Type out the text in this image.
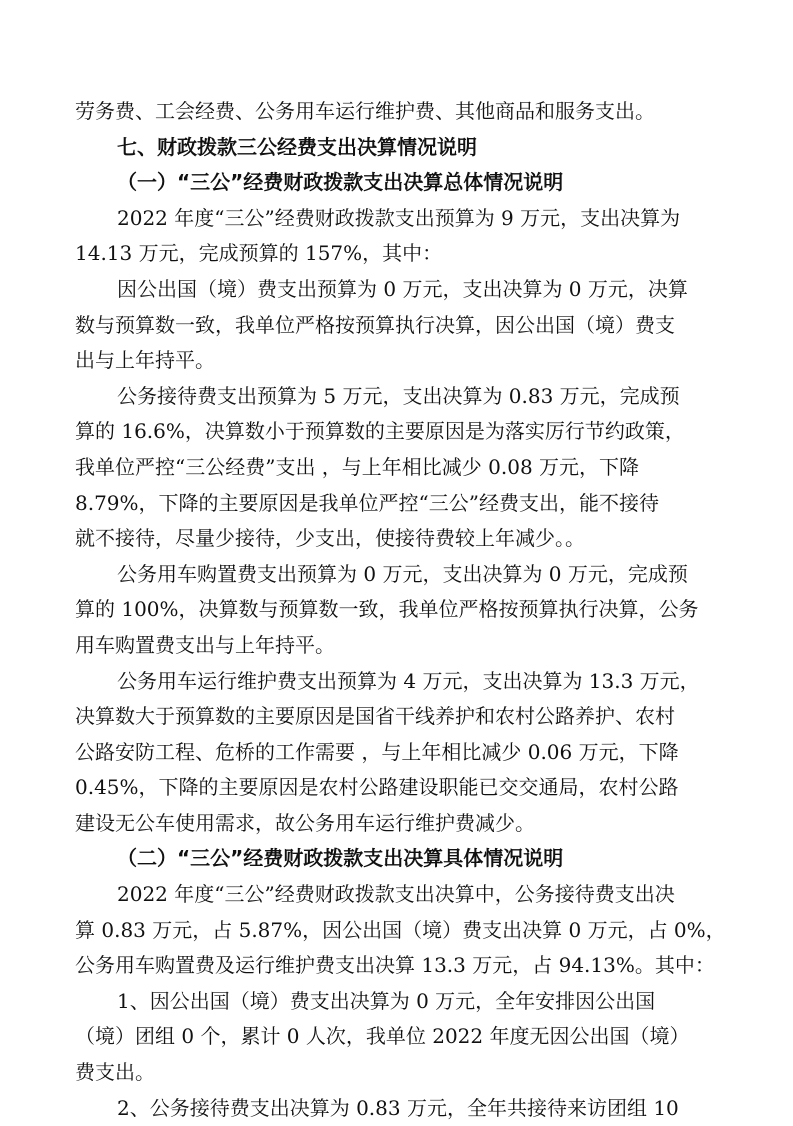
劳务费、工会经费、公务用车运行维护费、其他商品和服务支出。
七、财政拨款三公经费支出决算情况说明
（一）“三公”经费财政拨款支出决算总体情况说明
2022 年度“三公”经费财政拨款支出预算为 9 万元，支出决算为
14.13 万元，完成预算的 157%，其中：
因公出国（境）费支出预算为 0 万元，支出决算为 0 万元，决算
数与预算数一致，我单位严格按预算执行决算，因公出国（境）费支
出与上年持平。
公务接待费支出预算为 5 万元，支出决算为 0.83 万元，完成预
算的 16.6%，决算数小于预算数的主要原因是为落实厉行节约政策，
我单位严控“三公经费”支出 ，与上年相比减少 0.08 万元，下降
8.79%，下降的主要原因是我单位严控“三公”经费支出，能不接待
就不接待，尽量少接待，少支出，使接待费较上年减少。。
公务用车购置费支出预算为 0 万元，支出决算为 0 万元，完成预
算的 100%，决算数与预算数一致，我单位严格按预算执行决算，公务
用车购置费支出与上年持平。
公务用车运行维护费支出预算为 4 万元，支出决算为 13.3 万元，
决算数大于预算数的主要原因是国省干线养护和农村公路养护、农村
公路安防工程、危桥的工作需要 ，与上年相比减少 0.06 万元，下降
0.45%，下降的主要原因是农村公路建设职能已交交通局，农村公路
建设无公车使用需求，故公务用车运行维护费减少。
（二）“三公”经费财政拨款支出决算具体情况说明
2022 年度“三公”经费财政拨款支出决算中，公务接待费支出决
算 0.83 万元，占 5.87%，因公出国（境）费支出决算 0 万元，占 0%，
公务用车购置费及运行维护费支出决算 13.3 万元，占 94.13%。其中：
1、因公出国（境）费支出决算为 0 万元，全年安排因公出国
（境）团组 0 个，累计 0 人次，我单位 2022 年度无因公出国（境）
费支出。
2、公务接待费支出决算为 0.83 万元，全年共接待来访团组 10
